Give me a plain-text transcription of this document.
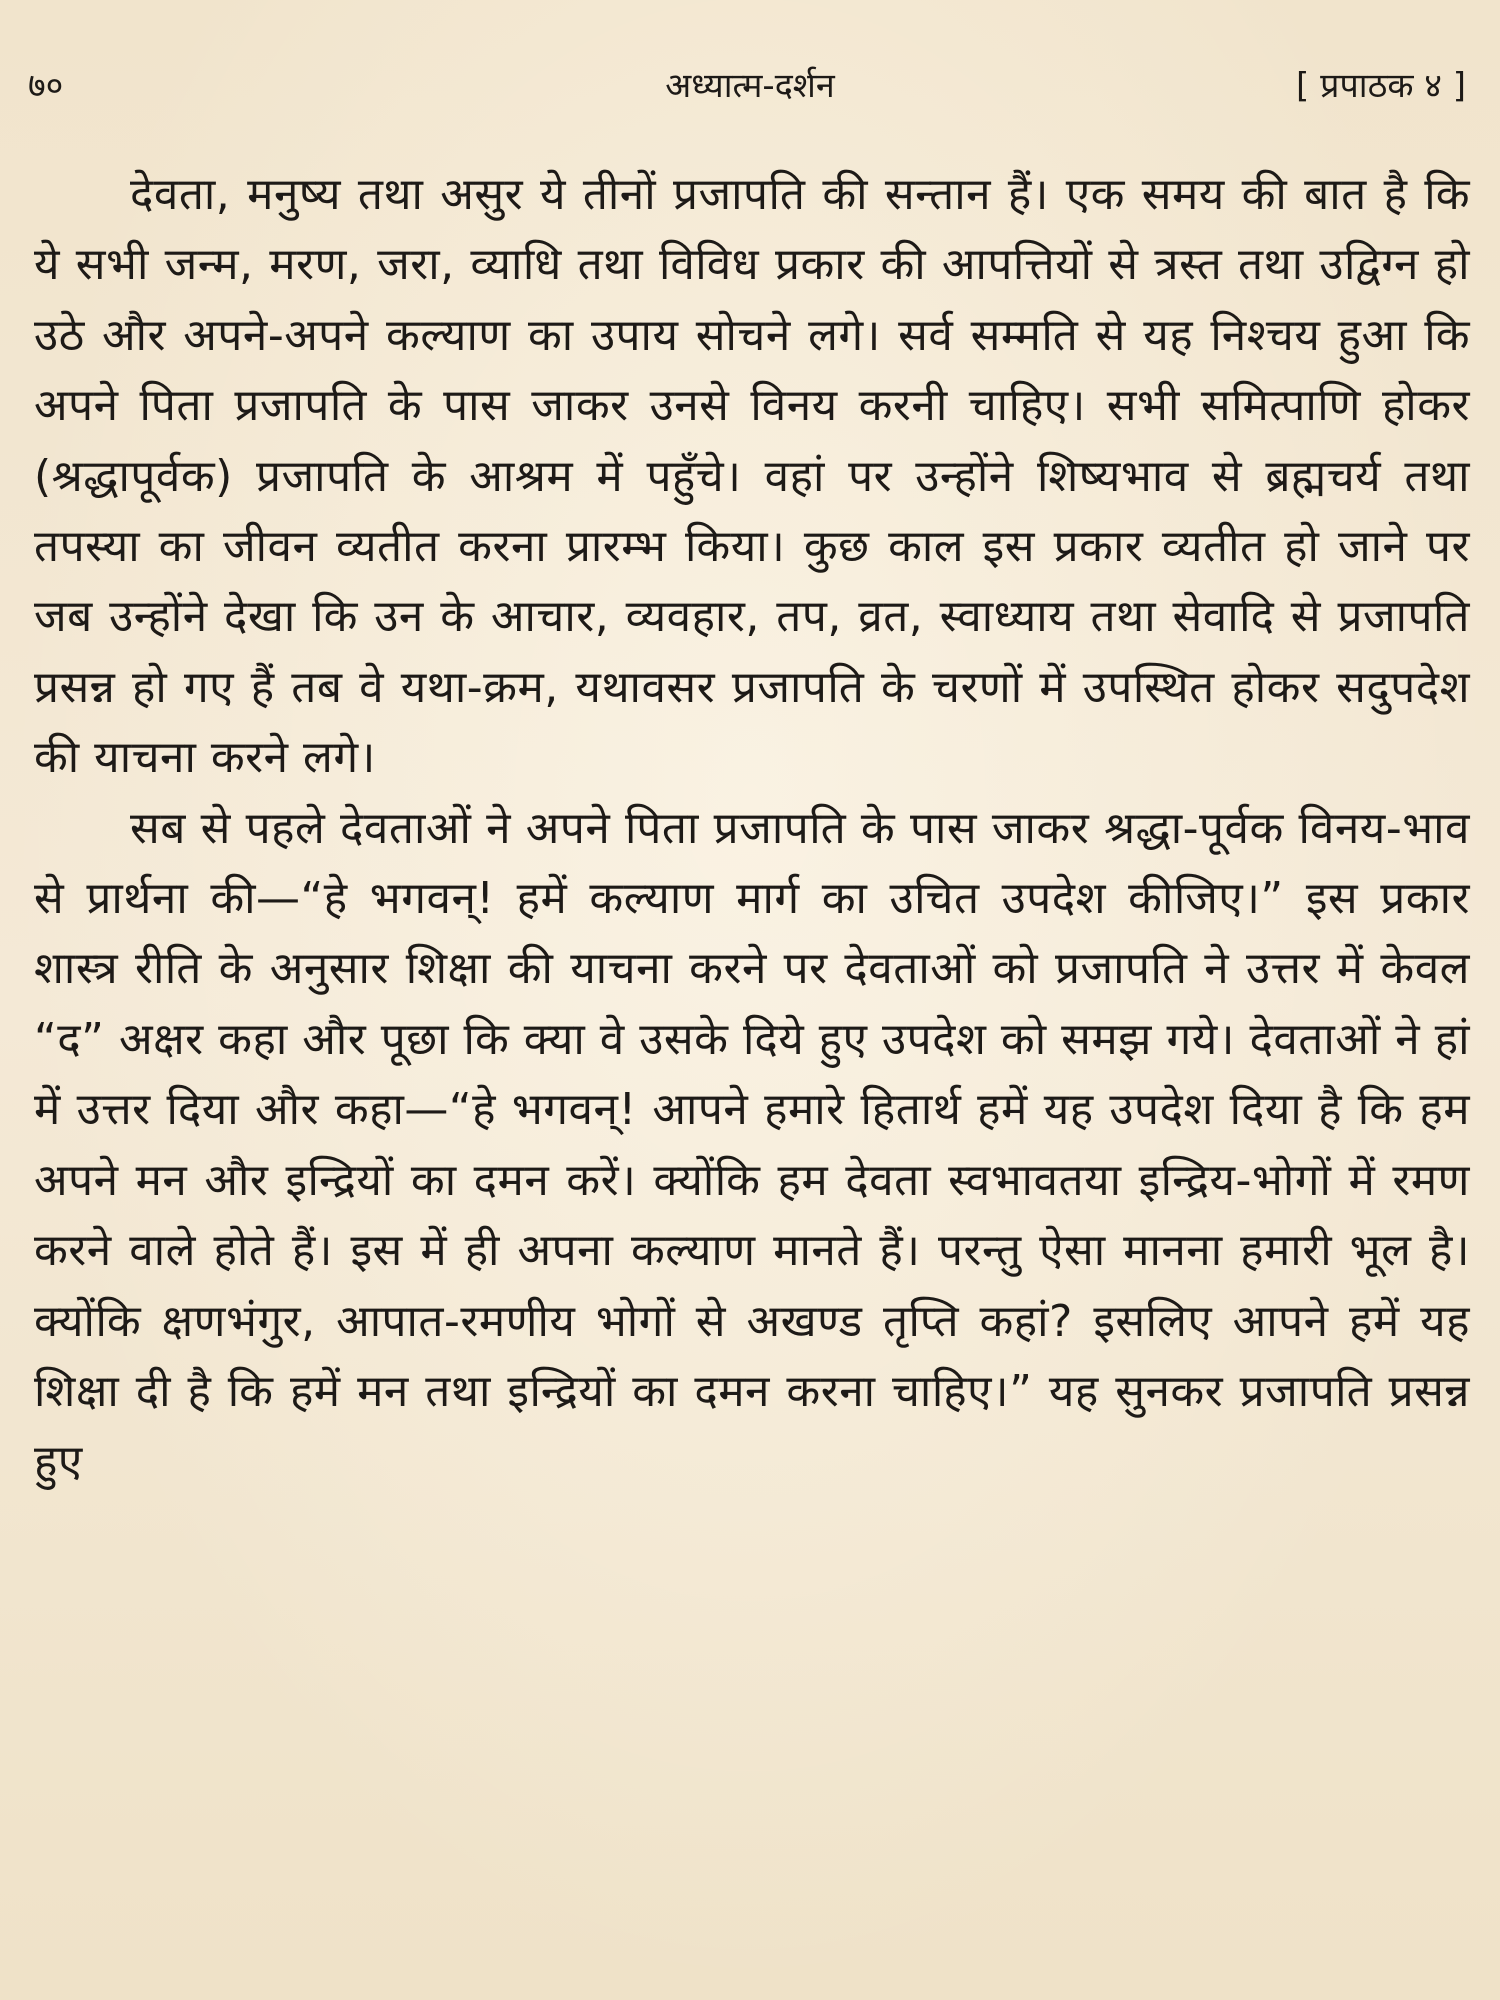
७०	अध्यात्म-दर्शन	[ प्रपाठक ४ ]

देवता, मनुष्य तथा असुर ये तीनों प्रजापति की सन्तान हैं। एक समय की बात है कि ये सभी जन्म, मरण, जरा, व्याधि तथा विविध प्रकार की आपत्तियों से त्रस्त तथा उद्विग्न हो उठे और अपने-अपने कल्याण का उपाय सोचने लगे। सर्व सम्मति से यह निश्चय हुआ कि अपने पिता प्रजापति के पास जाकर उनसे विनय करनी चाहिए। सभी समित्पाणि होकर (श्रद्धापूर्वक) प्रजापति के आश्रम में पहुँचे। वहां पर उन्होंने शिष्यभाव से ब्रह्मचर्य तथा तपस्या का जीवन व्यतीत करना प्रारम्भ किया। कुछ काल इस प्रकार व्यतीत हो जाने पर जब उन्होंने देखा कि उन के आचार, व्यवहार, तप, व्रत, स्वाध्याय तथा सेवादि से प्रजापति प्रसन्न हो गए हैं तब वे यथा-क्रम, यथावसर प्रजापति के चरणों में उपस्थित होकर सदुपदेश की याचना करने लगे।

सब से पहले देवताओं ने अपने पिता प्रजापति के पास जाकर श्रद्धा-पूर्वक विनय-भाव से प्रार्थना की—“हे भगवन्! हमें कल्याण मार्ग का उचित उपदेश कीजिए।” इस प्रकार शास्त्र रीति के अनुसार शिक्षा की याचना करने पर देवताओं को प्रजापति ने उत्तर में केवल “द” अक्षर कहा और पूछा कि क्या वे उसके दिये हुए उपदेश को समझ गये। देवताओं ने हां में उत्तर दिया और कहा—“हे भगवन्! आपने हमारे हितार्थ हमें यह उपदेश दिया है कि हम अपने मन और इन्द्रियों का दमन करें। क्योंकि हम देवता स्वभावतया इन्द्रिय-भोगों में रमण करने वाले होते हैं। इस में ही अपना कल्याण मानते हैं। परन्तु ऐसा मानना हमारी भूल है। क्योंकि क्षणभंगुर, आपात-रमणीय भोगों से अखण्ड तृप्ति कहां? इसलिए आपने हमें यह शिक्षा दी है कि हमें मन तथा इन्द्रियों का दमन करना चाहिए।” यह सुनकर प्रजापति प्रसन्न हुए
